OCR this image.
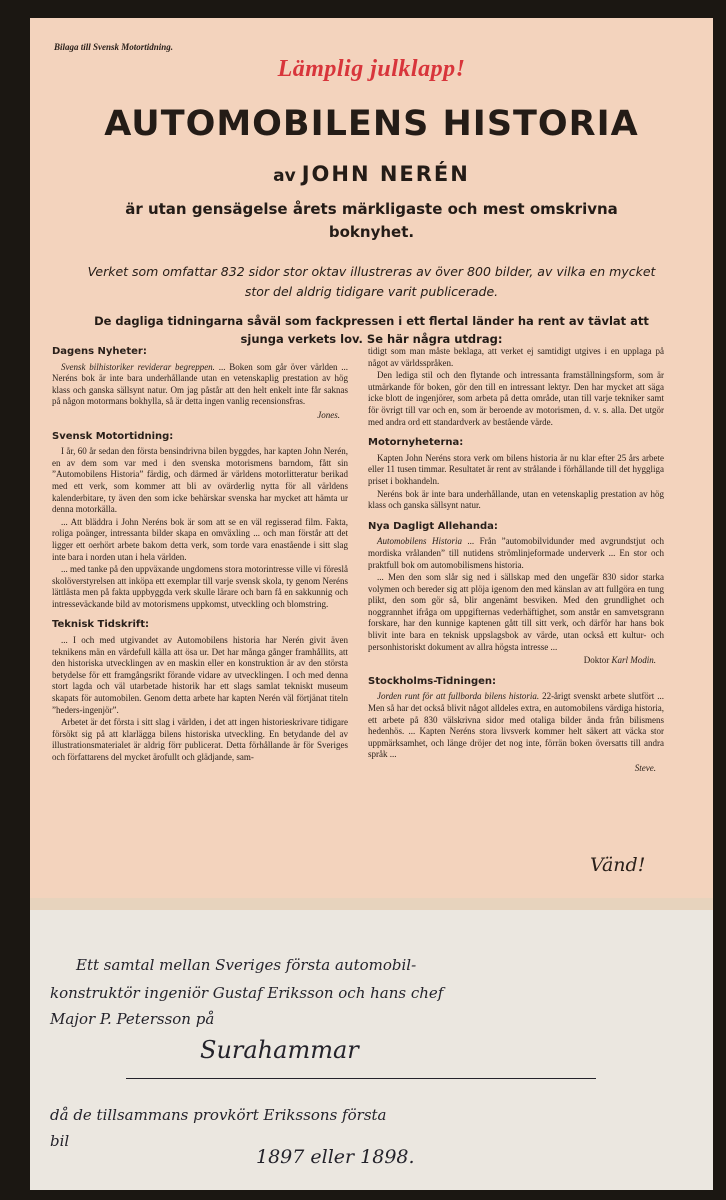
Bilaga till Svensk Motortidning.

Lämplig julklapp!

AUTOMOBILENS HISTORIA

av JOHN NERÉN

är utan gensägelse årets märkligaste och mest omskrivna boknyhet.

Verket som omfattar 832 sidor stor oktav illustreras av över 800 bilder, av vilka en mycket stor del aldrig tidigare varit publicerade.

De dagliga tidningarna såväl som fackpressen i ett flertal länder ha rent av tävlat att sjunga verkets lov. Se här några utdrag:

Dagens Nyheter:

Svensk bilhistoriker reviderar begreppen. ... Boken som går över världen ... Neréns bok är inte bara underhållande utan en vetenskaplig prestation av hög klass och ganska sällsynt natur. Om jag påstår att den helt enkelt inte får saknas på någon motormans bokhylla, så är detta ingen vanlig recensionsfras.

Jones.

Svensk Motortidning:

I år, 60 år sedan den första bensindrivna bilen byggdes, har kapten John Nerén, en av dem som var med i den svenska motorismens barndom, fått sin ”Automobilens Historia” färdig, och därmed är världens motorlitteratur berikad med ett verk, som kommer att bli av ovärderlig nytta för all världens kalenderbitare, ty även den som icke behärskar svenska har mycket att hämta ur denna motorkälla.

... Att bläddra i John Neréns bok är som att se en väl regisserad film. Fakta, roliga poänger, intressanta bilder skapa en omväxling ... och man förstår att det ligger ett oerhört arbete bakom detta verk, som torde vara enastående i sitt slag inte bara i norden utan i hela världen.

... med tanke på den uppväxande ungdomens stora motorintresse ville vi föreslå skolöverstyrelsen att inköpa ett exemplar till varje svensk skola, ty genom Neréns lättlästa men på fakta uppbyggda verk skulle lärare och barn få en sakkunnig och intresseväckande bild av motorismens uppkomst, utveckling och blomstring.

Teknisk Tidskrift:

... I och med utgivandet av Automobilens historia har Nerén givit även teknikens män en värdefull källa att ösa ur. Det har många gånger framhållits, att den historiska utvecklingen av en maskin eller en konstruktion är av den största betydelse för ett framgångsrikt förande vidare av utvecklingen. I och med denna stort lagda och väl utarbetade historik har ett slags samlat tekniskt museum skapats för automobilen. Genom detta arbete har kapten Nerén väl förtjänat titeln ”heders-ingenjör”.

Arbetet är det första i sitt slag i världen, i det att ingen historieskrivare tidigare försökt sig på att klarlägga bilens historiska utveckling. En betydande del av illustrationsmaterialet är aldrig förr publicerat. Detta förhållande är för Sveriges och författarens del mycket ärofullt och glädjande, sam-

tidigt som man måste beklaga, att verket ej samtidigt utgives i en upplaga på något av världsspråken.

Den lediga stil och den flytande och intressanta framställningsform, som är utmärkande för boken, gör den till en intressant lektyr. Den har mycket att säga icke blott de ingenjörer, som arbeta på detta område, utan till varje tekniker samt för övrigt till var och en, som är beroende av motorismen, d. v. s. alla. Det utgör med andra ord ett standardverk av bestående värde.

Motornyheterna:

Kapten John Neréns stora verk om bilens historia är nu klar efter 25 års arbete eller 11 tusen timmar. Resultatet är rent av strålande i förhållande till det hyggliga priset i bokhandeln.

Neréns bok är inte bara underhållande, utan en vetenskaplig prestation av hög klass och ganska sällsynt natur.

Nya Dagligt Allehanda:

Automobilens Historia ... Från ”automobilvidunder med avgrundstjut och mordiska vrålanden” till nutidens strömlinjeformade underverk ... En stor och praktfull bok om automobilismens historia.

... Men den som slår sig ned i sällskap med den ungefär 830 sidor starka volymen och bereder sig att plöja igenom den med känslan av att fullgöra en tung plikt, den som gör så, blir angenämt besviken. Med den grundlighet och noggrannhet ifråga om uppgifternas vederhäftighet, som anstår en samvetsgrann forskare, har den kunnige kaptenen gått till sitt verk, och därför har hans bok blivit inte bara en teknisk uppslagsbok av värde, utan också ett kultur- och personhistoriskt dokument av allra högsta intresse ...

Doktor Karl Modin.

Stockholms-Tidningen:

Jorden runt för att fullborda bilens historia. 22-årigt svenskt arbete slutfört ... Men så har det också blivit något alldeles extra, en automobilens värdiga historia, ett arbete på 830 välskrivna sidor med otaliga bilder ända från bilismens hedenhös. ... Kapten Neréns stora livsverk kommer helt säkert att väcka stor uppmärksamhet, och länge dröjer det nog inte, förrän boken översatts till andra språk ...

Steve.

Vänd!

Ett samtal mellan Sveriges första automobil-

konstruktör ingeniör Gustaf Eriksson och hans chef

Major P. Petersson på

Surahammar

då de tillsammans provkört Erikssons första

bil

1897 eller 1898.
